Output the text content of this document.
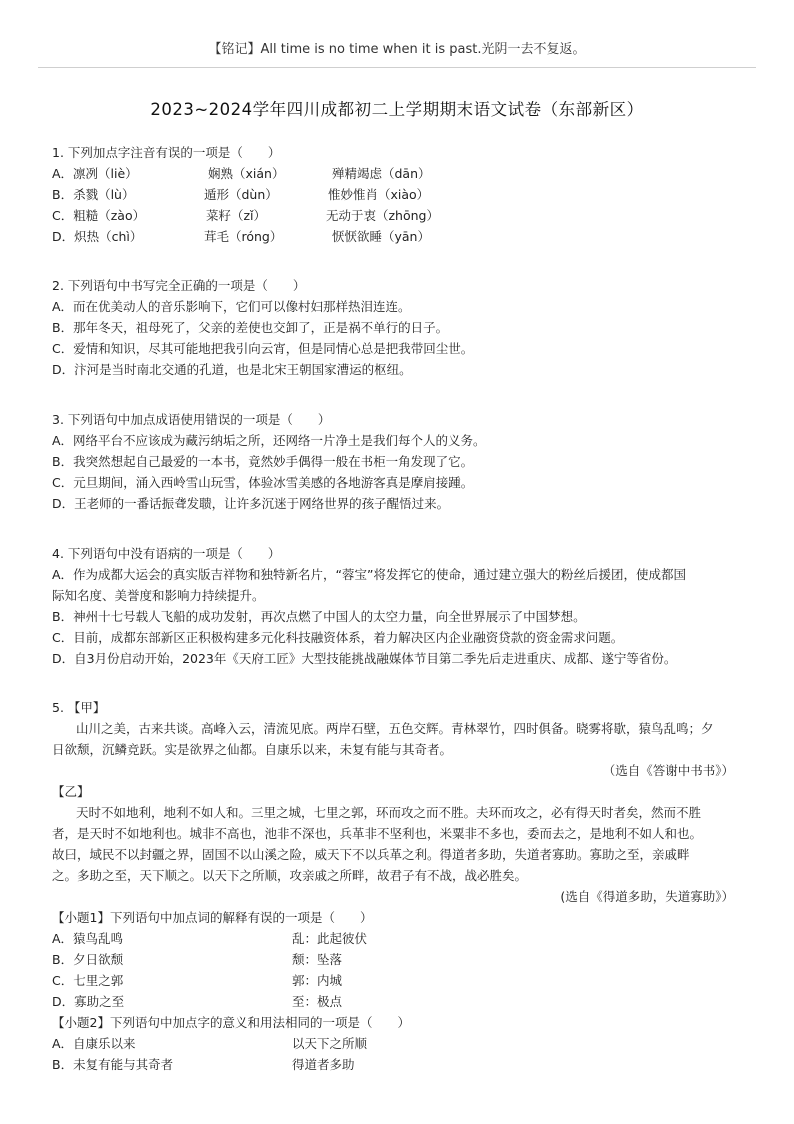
【铭记】All time is no time when it is past.光阴一去不复返。
2023~2024学年四川成都初二上学期期末语文试卷（东部新区）
1. 下列加点字注音有误的一项是（　　）
A．凛冽（liè）	娴熟（xián）	殚精竭虑（dān）
B．杀戮（lù）	遁形（dùn）	惟妙惟肖（xiào）
C．粗糙（zào）	菜籽（zǐ）	无动于衷（zhōng）
D．炽热（chì）	茸毛（róng）	恹恹欲睡（yān）
2. 下列语句中书写完全正确的一项是（　　）
A．而在优美动人的音乐影响下，它们可以像村妇那样热泪连连。
B．那年冬天，祖母死了，父亲的差使也交卸了，正是祸不单行的日子。
C．爱情和知识，尽其可能地把我引向云宵，但是同情心总是把我带回尘世。
D．汴河是当时南北交通的孔道，也是北宋王朝国家漕运的枢纽。
3. 下列语句中加点成语使用错误的一项是（　　）
A．网络平台不应该成为藏污纳垢之所，还网络一片净土是我们每个人的义务。
B．我突然想起自己最爱的一本书，竟然妙手偶得一般在书柜一角发现了它。
C．元旦期间，涌入西岭雪山玩雪，体验冰雪美感的各地游客真是摩肩接踵。
D．王老师的一番话振聋发聩，让许多沉迷于网络世界的孩子醒悟过来。
4. 下列语句中没有语病的一项是（　　）
A．作为成都大运会的真实版吉祥物和独特新名片，“蓉宝”将发挥它的使命，通过建立强大的粉丝后援团，使成都国
际知名度、美誉度和影响力持续提升。
B．神州十七号载人飞船的成功发射，再次点燃了中国人的太空力量，向全世界展示了中国梦想。
C．目前，成都东部新区正积极构建多元化科技融资体系，着力解决区内企业融资贷款的资金需求问题。
D．自3月份启动开始，2023年《天府工匠》大型技能挑战融媒体节目第二季先后走进重庆、成都、遂宁等省份。
5. 【甲】
山川之美，古来共谈。高峰入云，清流见底。两岸石壁，五色交辉。青林翠竹，四时俱备。晓雾将歇，猿鸟乱鸣；夕
日欲颓，沉鳞竞跃。实是欲界之仙都。自康乐以来，未复有能与其奇者。
（选自《答谢中书书》）
【乙】
天时不如地利，地利不如人和。三里之城，七里之郭，环而攻之而不胜。夫环而攻之，必有得天时者矣，然而不胜
者，是天时不如地利也。城非不高也，池非不深也，兵革非不坚利也，米粟非不多也，委而去之，是地利不如人和也。
故曰，域民不以封疆之界，固国不以山溪之险，威天下不以兵革之利。得道者多助，失道者寡助。寡助之至，亲戚畔
之。多助之至，天下顺之。以天下之所顺，攻亲戚之所畔，故君子有不战，战必胜矣。
(选自《得道多助，失道寡助》）
【小题1】下列语句中加点词的解释有误的一项是（　　）
A．猿鸟乱鸣	乱：此起彼伏
B．夕日欲颓	颓：坠落
C．七里之郭	郭：内城
D．寡助之至	至：极点
【小题2】下列语句中加点字的意义和用法相同的一项是（　　）
A．自康乐以来	以天下之所顺
B．未复有能与其奇者	得道者多助
